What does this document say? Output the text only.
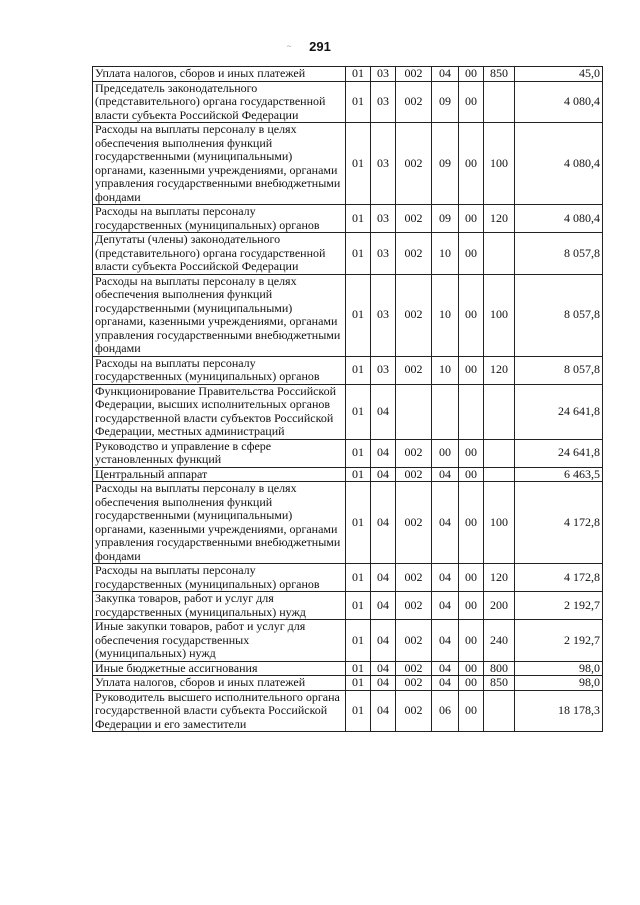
~	291
Уплата налогов, сборов и иных платежей	01	03	002	04	00	850	45,0
Председатель законодательного (представительного) органа государственной власти субъекта Российской Федерации	01	03	002	09	00		4 080,4
Расходы на выплаты персоналу в целях обеспечения выполнения функций государственными (муниципальными) органами, казенными учреждениями, органами управления государственными внебюджетными фондами	01	03	002	09	00	100	4 080,4
Расходы на выплаты персоналу государственных (муниципальных) органов	01	03	002	09	00	120	4 080,4
Депутаты (члены) законодательного (представительного) органа государственной власти субъекта Российской Федерации	01	03	002	10	00		8 057,8
Расходы на выплаты персоналу в целях обеспечения выполнения функций государственными (муниципальными) органами, казенными учреждениями, органами управления государственными внебюджетными фондами	01	03	002	10	00	100	8 057,8
Расходы на выплаты персоналу государственных (муниципальных) органов	01	03	002	10	00	120	8 057,8
Функционирование Правительства Российской Федерации, высших исполнительных органов государственной власти субъектов Российской Федерации, местных администраций	01	04					24 641,8
Руководство и управление в сфере установленных функций	01	04	002	00	00		24 641,8
Центральный аппарат	01	04	002	04	00		6 463,5
Расходы на выплаты персоналу в целях обеспечения выполнения функций государственными (муниципальными) органами, казенными учреждениями, органами управления государственными внебюджетными фондами	01	04	002	04	00	100	4 172,8
Расходы на выплаты персоналу государственных (муниципальных) органов	01	04	002	04	00	120	4 172,8
Закупка товаров, работ и услуг для государственных (муниципальных) нужд	01	04	002	04	00	200	2 192,7
Иные закупки товаров, работ и услуг для обеспечения государственных (муниципальных) нужд	01	04	002	04	00	240	2 192,7
Иные бюджетные ассигнования	01	04	002	04	00	800	98,0
Уплата налогов, сборов и иных платежей	01	04	002	04	00	850	98,0
Руководитель высшего исполнительного органа государственной власти субъекта Российской Федерации и его заместители	01	04	002	06	00		18 178,3
